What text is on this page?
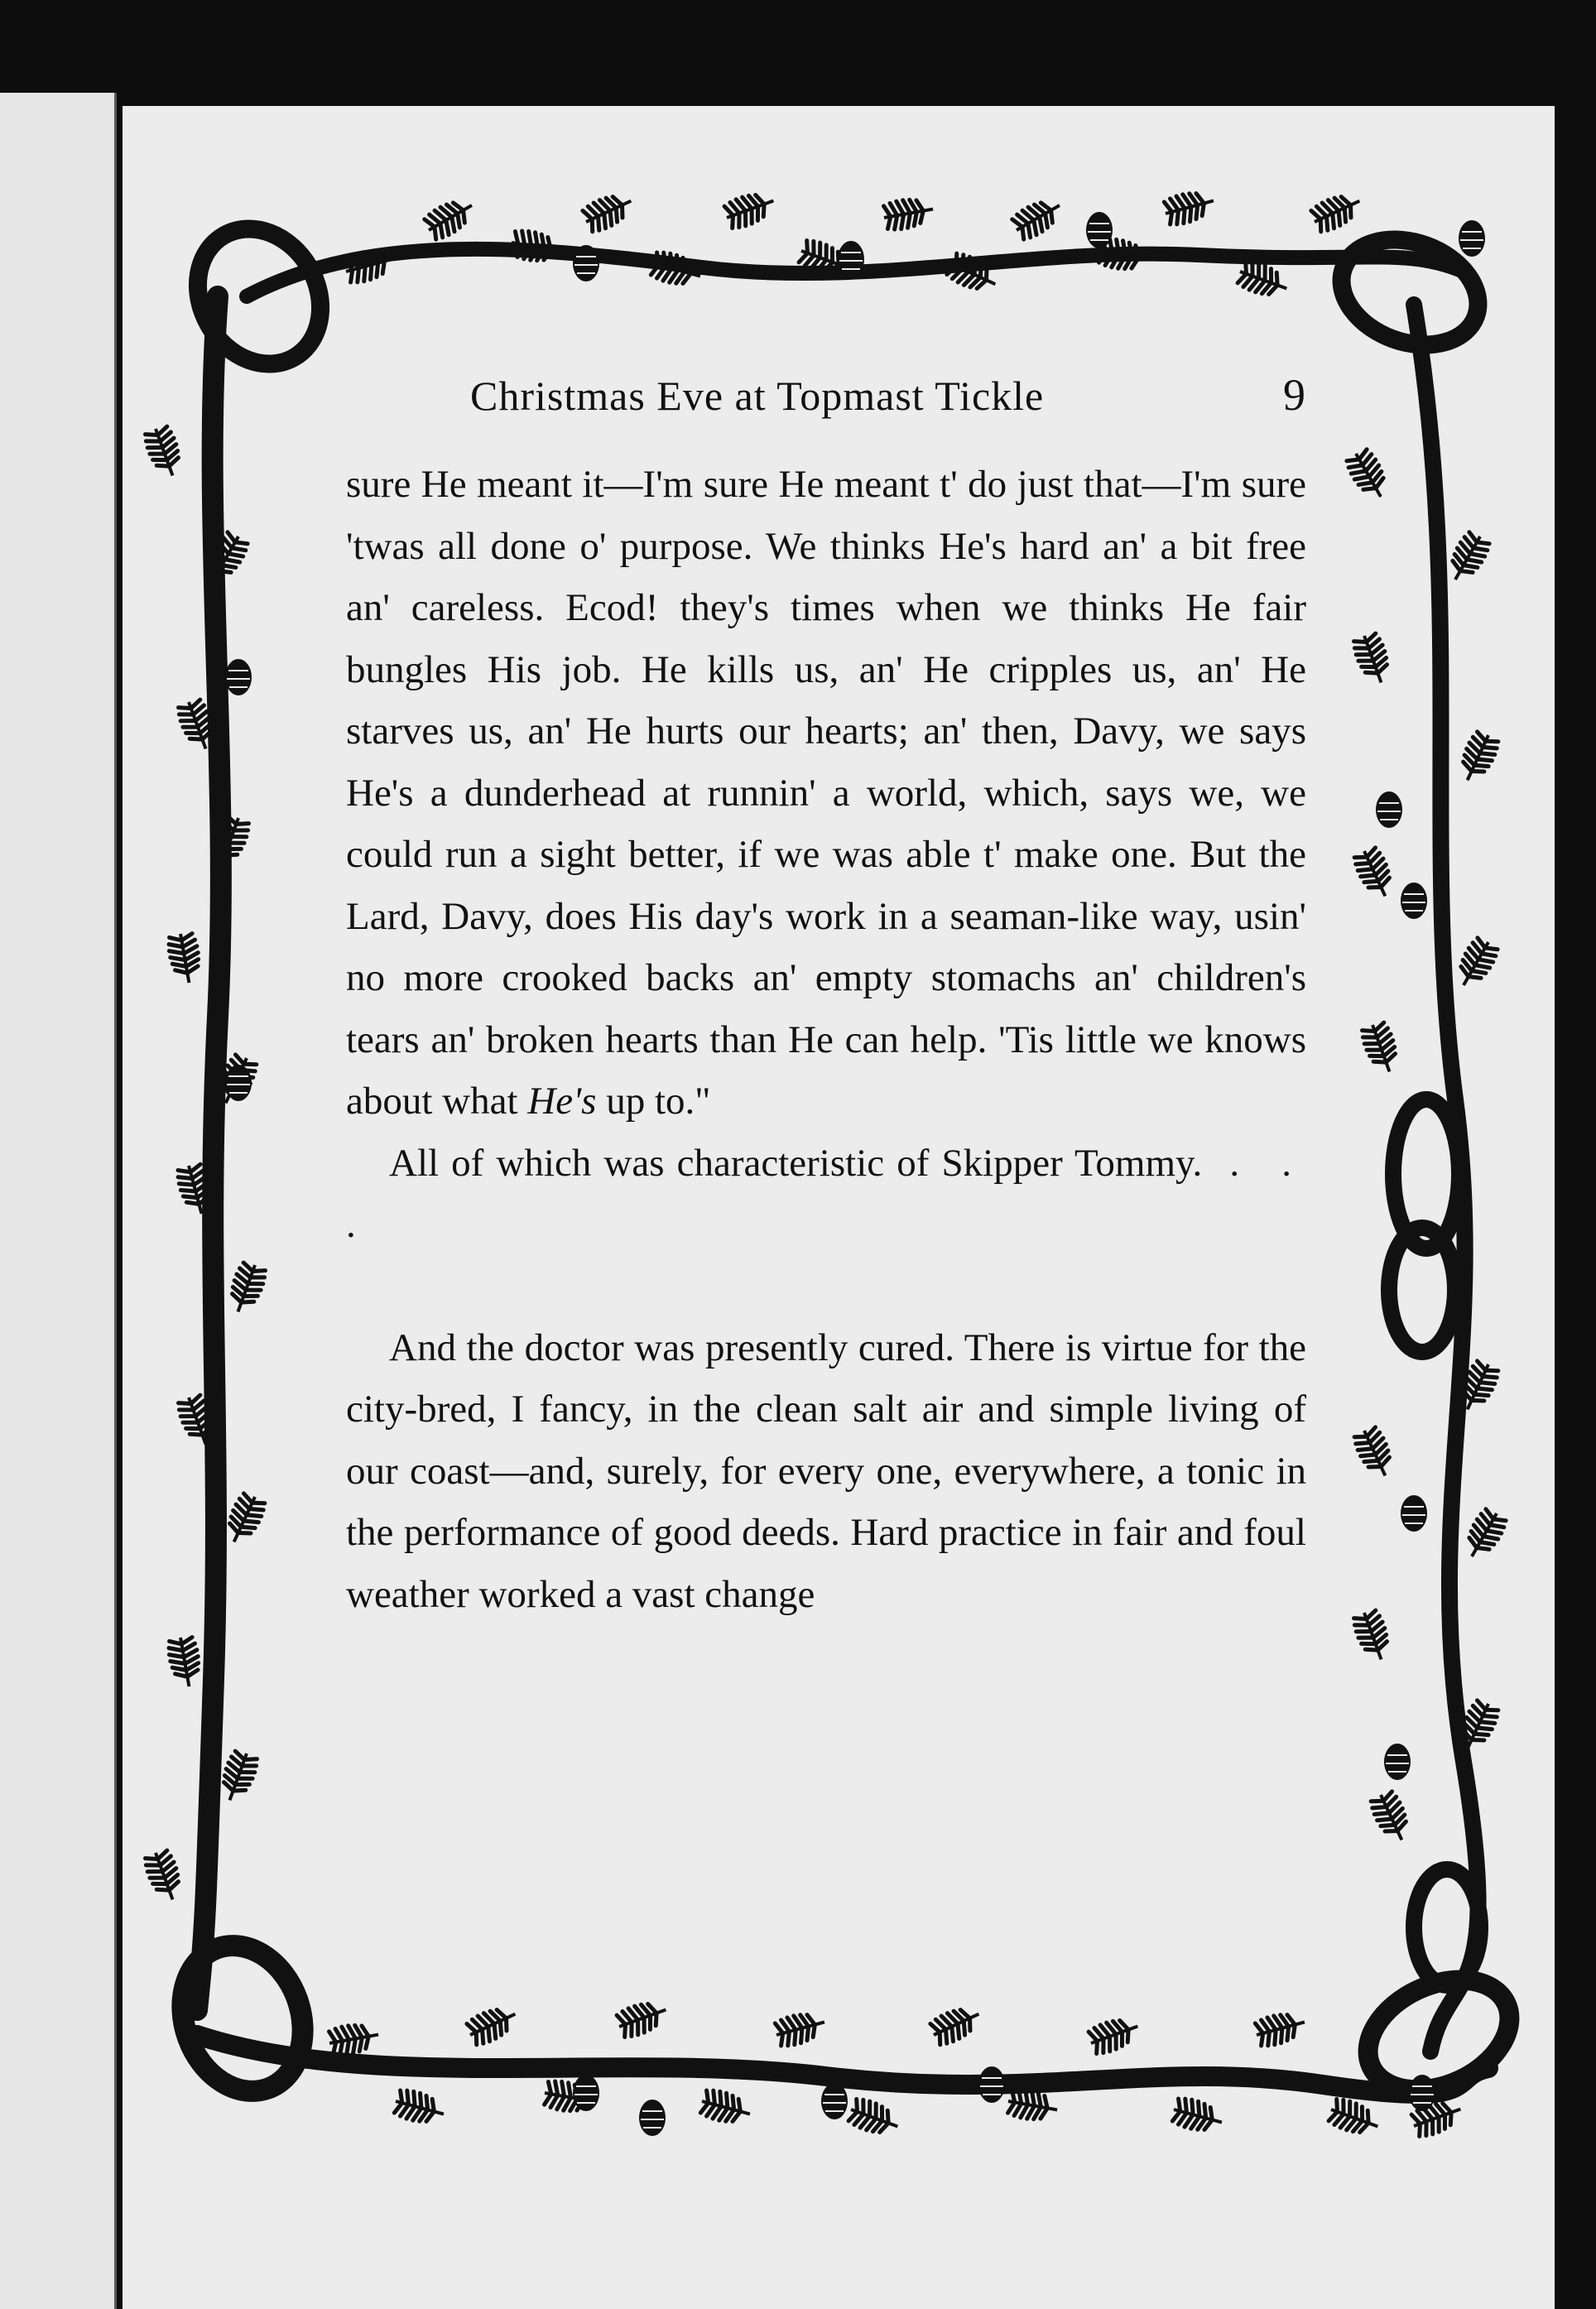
Christmas Eve at Topmast Tickle	9

sure He meant it—I'm sure He meant t' do just that—I'm sure 'twas all done o' purpose. We thinks He's hard an' a bit free an' careless. Ecod! they's times when we thinks He fair bungles His job. He kills us, an' He cripples us, an' He starves us, an' He hurts our hearts; an' then, Davy, we says He's a dunderhead at runnin' a world, which, says we, we could run a sight better, if we was able t' make one. But the Lard, Davy, does His day's work in a seaman-like way, usin' no more crooked backs an' empty stomachs an' children's tears an' broken hearts than He can help. 'Tis little we knows about what He's up to."

All of which was characteristic of Skipper Tommy. . . .

And the doctor was presently cured. There is virtue for the city-bred, I fancy, in the clean salt air and simple living of our coast—and, surely, for every one, everywhere, a tonic in the performance of good deeds. Hard practice in fair and foul weather worked a vast change
